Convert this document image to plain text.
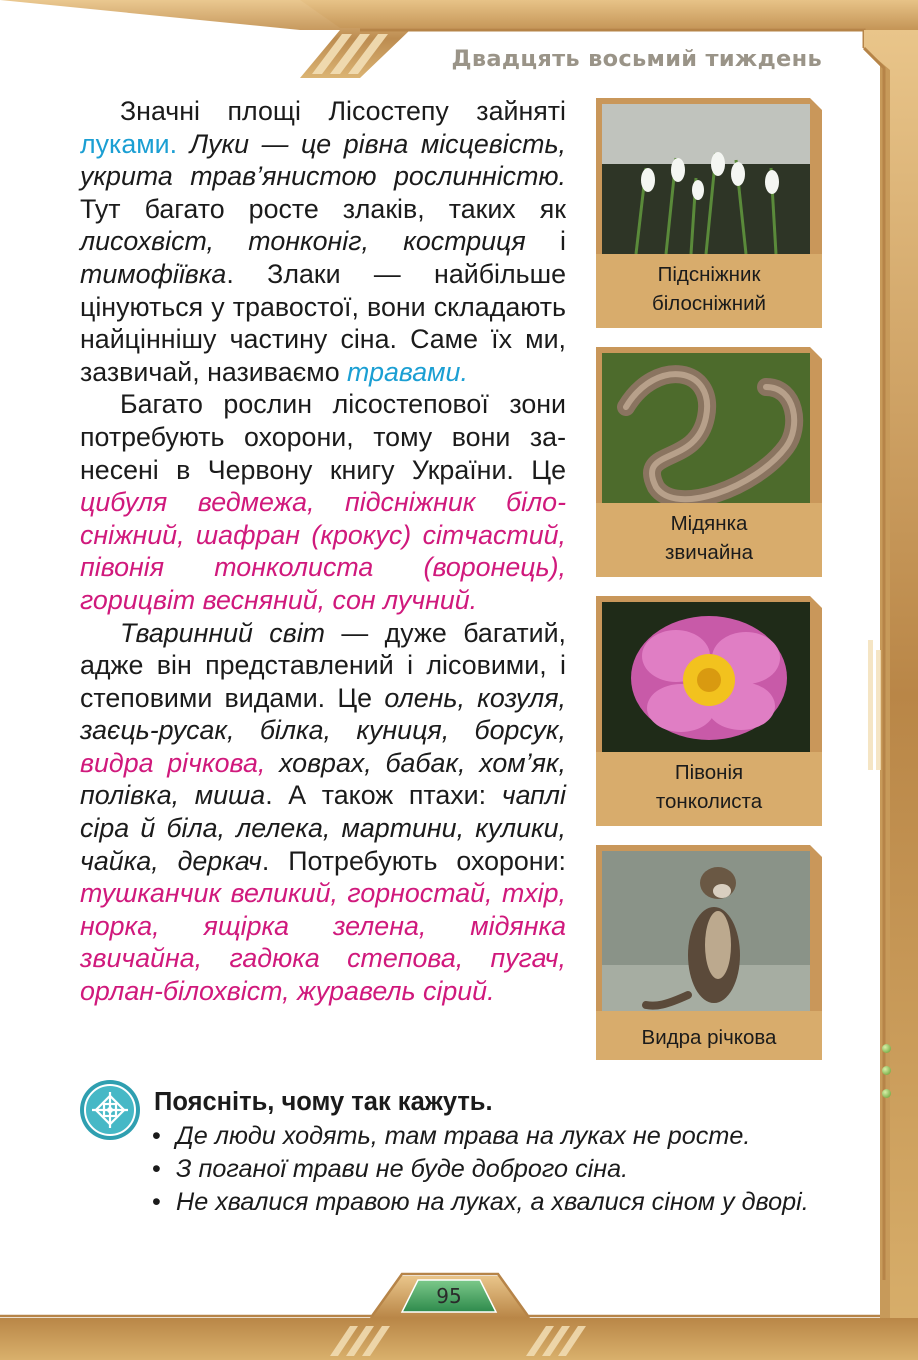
Двадцять восьмий тиждень

Значні площі Лісостепу зайняті луками. Луки — це рівна місцевість, укрита трав’янистою рослинністю. Тут багато росте злаків, таких як лисохвіст, тонконіг, костриця і тимофіївка. Злаки — найбільше цінуються у травостої, вони складають найціннішу частину сіна. Саме їх ми, зазвичай, називаємо травами.

Багато рослин лісостепової зони потребують охорони, тому вони занесені в Червону книгу України. Це цибуля ведмежа, підсніжник білосніжний, шафран (крокус) сітчастий, півонія тонколиста (воронець), горицвіт весняний, сон лучний.

Тваринний світ — дуже багатий, адже він представлений і лісовими, і степовими видами. Це олень, козуля, заєць-русак, білка, куниця, борсук, видра річкова, ховрах, бабак, хом’як, полівка, миша. А також птахи: чаплі сіра й біла, лелека, мартини, кулики, чайка, деркач. Потребують охорони: тушканчик великий, горностай, тхір, норка, ящірка зелена, мідянка звичайна, гадюка степова, пугач, орлан-білохвіст, журавель сірий.

Підсніжник
білосніжний
Мідянка
звичайна
Півонія
тонколиста
Видра річкова
Поясніть, чому так кажуть.
• Де люди ходять, там трава на луках не росте.
• З поганої трави не буде доброго сіна.
• Не хвалися травою на луках, а хвалися сіном у дворі.
95
